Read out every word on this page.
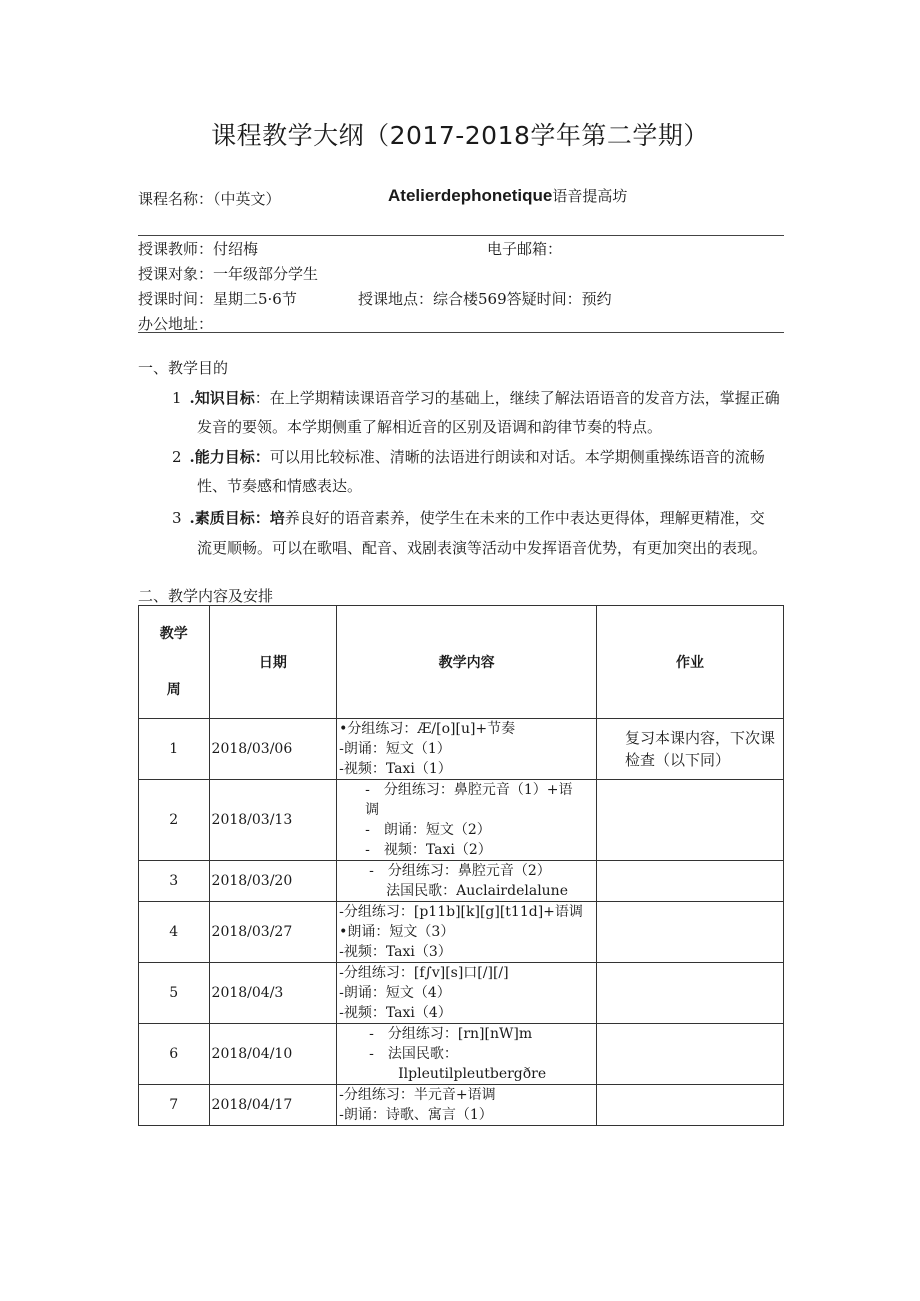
课程教学大纲（2017-2018学年第二学期）
课程名称：（中英文）	Atelierdephonetique语音提高坊
授课教师：付绍梅	电子邮箱：
授课对象：一年级部分学生
授课时间：星期二5·6节	授课地点：综合楼569答疑时间：预约
办公地址：
一、教学目的
1 .知识目标：在上学期精读课语音学习的基础上，继续了解法语语音的发音方法，掌握正确
发音的要领。本学期侧重了解相近音的区别及语调和韵律节奏的特点。
2 .能力目标：可以用比较标准、清晰的法语进行朗读和对话。本学期侧重操练语音的流畅
性、节奏感和情感表达。
3 .素质目标：培养良好的语音素养，使学生在未来的工作中表达更得体，理解更精准，交
流更顺畅。可以在歌唱、配音、戏剧表演等活动中发挥语音优势，有更加突出的表现。
二、教学内容及安排
教学
周	日期	教学内容	作业
1	2018/03/06	•分组练习：Æ/[o][u]+节奏
-朗诵：短文（1）
-视频：Taxi（1）	复习本课内容，下次课检查（以下同）

2	2018/03/13	-　分组练习：鼻腔元音（1）+语
调
-　朗诵：短文（2）
-　视频：Taxi（2）	

3	2018/03/20	-　分组练习：鼻腔元音（2）
法国民歌：Auclairdelalune	

4	2018/03/27	-分组练习：[p11b][k][g][t11d]+语调
•朗诵：短文（3）
-视频：Taxi（3）	

5	2018/04/3	-分组练习：[f∫v][s]口[/][/]
-朗诵：短文（4）
-视频：Taxi（4）	

6	2018/04/10	-　分组练习：[rn][nW]m
-　法国民歌：
Ilpleutilpleutbergðre	

7	2018/04/17	-分组练习：半元音+语调
-朗诵：诗歌、寓言（1）	
